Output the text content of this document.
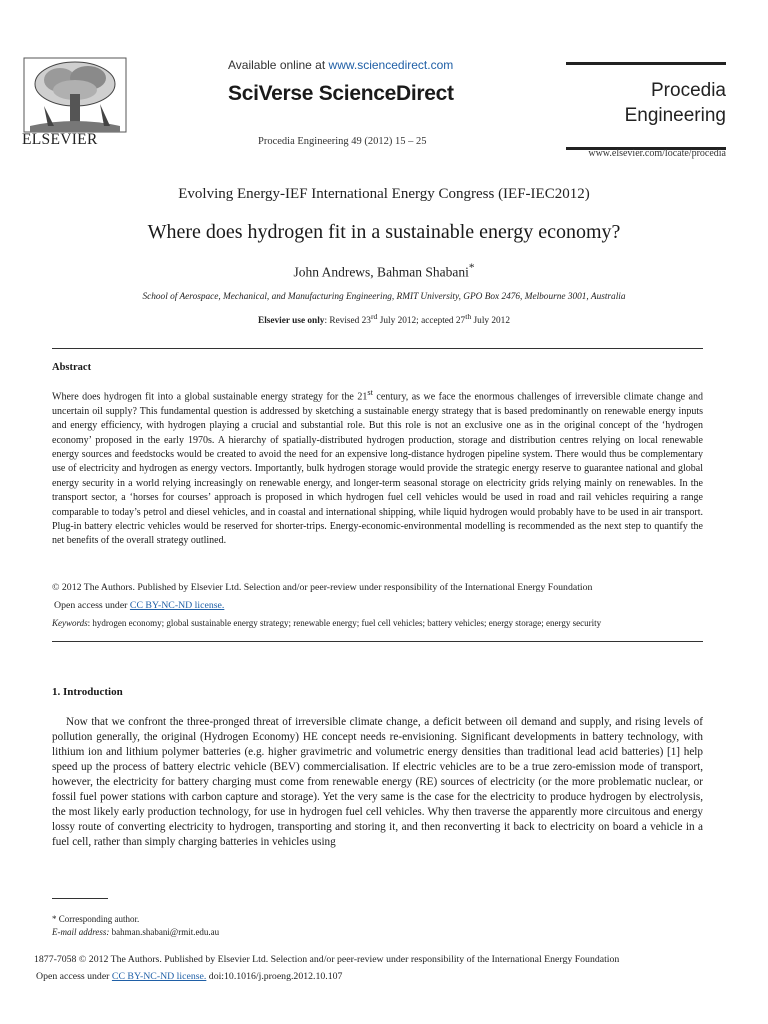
ELSEVIER
Available online at www.sciencedirect.com
SciVerse ScienceDirect
Procedia Engineering 49 (2012) 15 – 25
Procedia
Engineering
www.elsevier.com/locate/procedia
Evolving Energy-IEF International Energy Congress (IEF-IEC2012)
Where does hydrogen fit in a sustainable energy economy?
John Andrews, Bahman Shabani*
School of Aerospace, Mechanical, and Manufacturing Engineering, RMIT University, GPO Box 2476, Melbourne 3001, Australia
Elsevier use only: Revised 23rd July 2012; accepted 27th July 2012
Abstract
Where does hydrogen fit into a global sustainable energy strategy for the 21st century, as we face the enormous challenges of irreversible climate change and uncertain oil supply? This fundamental question is addressed by sketching a sustainable energy strategy that is based predominantly on renewable energy inputs and energy efficiency, with hydrogen playing a crucial and substantial role. But this role is not an exclusive one as in the original concept of the ‘hydrogen economy’ proposed in the early 1970s. A hierarchy of spatially-distributed hydrogen production, storage and distribution centres relying on local renewable energy sources and feedstocks would be created to avoid the need for an expensive long-distance hydrogen pipeline system. There would thus be complementary use of electricity and hydrogen as energy vectors. Importantly, bulk hydrogen storage would provide the strategic energy reserve to guarantee national and global energy security in a world relying increasingly on renewable energy, and longer-term seasonal storage on electricity grids relying mainly on renewables. In the transport sector, a ‘horses for courses’ approach is proposed in which hydrogen fuel cell vehicles would be used in road and rail vehicles requiring a range comparable to today’s petrol and diesel vehicles, and in coastal and international shipping, while liquid hydrogen would probably have to be used in air transport. Plug-in battery electric vehicles would be reserved for shorter-trips. Energy-economic-environmental modelling is recommended as the next step to quantify the net benefits of the overall strategy outlined.
© 2012 The Authors. Published by Elsevier Ltd. Selection and/or peer-review under responsibility of the International Energy Foundation
Open access under CC BY-NC-ND license.
Keywords: hydrogen economy; global sustainable energy strategy; renewable energy; fuel cell vehicles; battery vehicles; energy storage; energy security
1. Introduction
Now that we confront the three-pronged threat of irreversible climate change, a deficit between oil demand and supply, and rising levels of pollution generally, the original (Hydrogen Economy) HE concept needs re-envisioning. Significant developments in battery technology, with lithium ion and lithium polymer batteries (e.g. higher gravimetric and volumetric energy densities than traditional lead acid batteries) [1] help speed up the process of battery electric vehicle (BEV) commercialisation. If electric vehicles are to be a true zero-emission mode of transport, however, the electricity for battery charging must come from renewable energy (RE) sources of electricity (or the more problematic nuclear, or fossil fuel power stations with carbon capture and storage). Yet the very same is the case for the electricity to produce hydrogen by electrolysis, the most likely early production technology, for use in hydrogen fuel cell vehicles. Why then traverse the apparently more circuitous and energy lossy route of converting electricity to hydrogen, transporting and storing it, and then reconverting it back to electricity on board a vehicle in a fuel cell, rather than simply charging batteries in vehicles using
* Corresponding author.
E-mail address: bahman.shabani@rmit.edu.au
1877-7058 © 2012 The Authors. Published by Elsevier Ltd. Selection and/or peer-review under responsibility of the International Energy Foundation
Open access under CC BY-NC-ND license. doi:10.1016/j.proeng.2012.10.107
